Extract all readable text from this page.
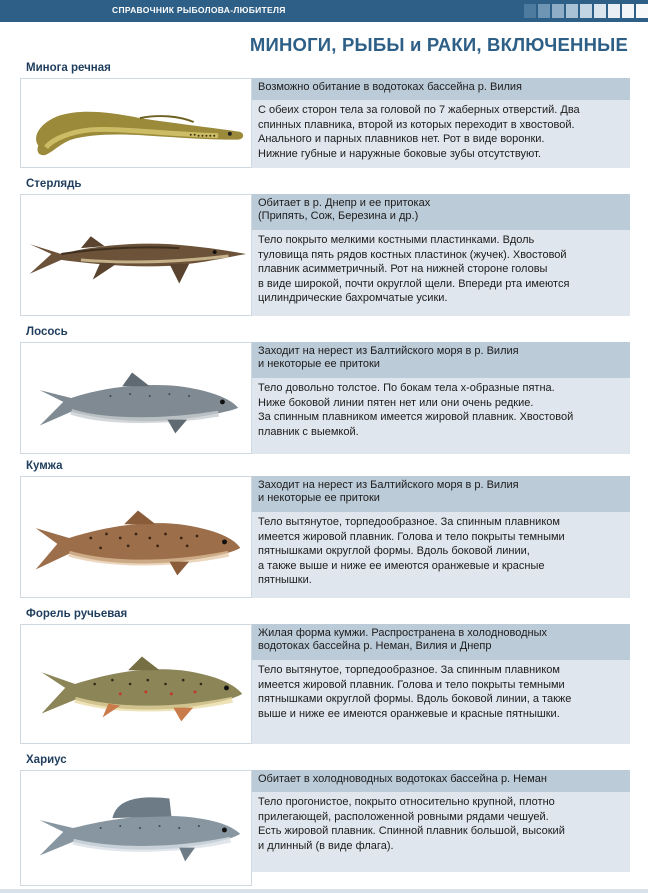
СПРАВОЧНИК РЫБОЛОВА-ЛЮБИТЕЛЯ
МИНОГИ, РЫБЫ и РАКИ, ВКЛЮЧЕННЫЕ
Минога речная
Возможно обитание в водотоках бассейна р. Вилия
С обеих сторон тела за головой по 7 жаберных отверстий. Два
спинных плавника, второй из которых переходит в хвостовой.
Анального и парных плавников нет. Рот в виде воронки.
Нижние губные и наружные боковые зубы отсутствуют.
Стерлядь
Обитает в р. Днепр и ее притоках
(Припять, Сож, Березина и др.)
Тело покрыто мелкими костными пластинками. Вдоль
туловища пять рядов костных пластинок (жучек). Хвостовой
плавник асимметричный. Рот на нижней стороне головы
в виде широкой, почти округлой щели. Впереди рта имеются
цилиндрические бахромчатые усики.
Лосось
Заходит на нерест из Балтийского моря в р. Вилия
и некоторые ее притоки
Тело довольно толстое. По бокам тела х-образные пятна.
Ниже боковой линии пятен нет или они очень редкие.
За спинным плавником имеется жировой плавник. Хвостовой
плавник с выемкой.
Кумжа
Заходит на нерест из Балтийского моря в р. Вилия
и некоторые ее притоки
Тело вытянутое, торпедообразное. За спинным плавником
имеется жировой плавник. Голова и тело покрыты темными
пятнышками округлой формы. Вдоль боковой линии,
а также выше и ниже ее имеются оранжевые и красные
пятнышки.
Форель ручьевая
Жилая форма кумжи. Распространена в холодноводных
водотоках бассейна р. Неман, Вилия и Днепр
Тело вытянутое, торпедообразное. За спинным плавником
имеется жировой плавник. Голова и тело покрыты темными
пятнышками округлой формы. Вдоль боковой линии, а также
выше и ниже ее имеются оранжевые и красные пятнышки.
Хариус
Обитает в холодноводных водотоках бассейна р. Неман
Тело прогонистое, покрыто относительно крупной, плотно
прилегающей, расположенной ровными рядами чешуей.
Есть жировой плавник. Спинной плавник большой, высокий
и длинный (в виде флага).
